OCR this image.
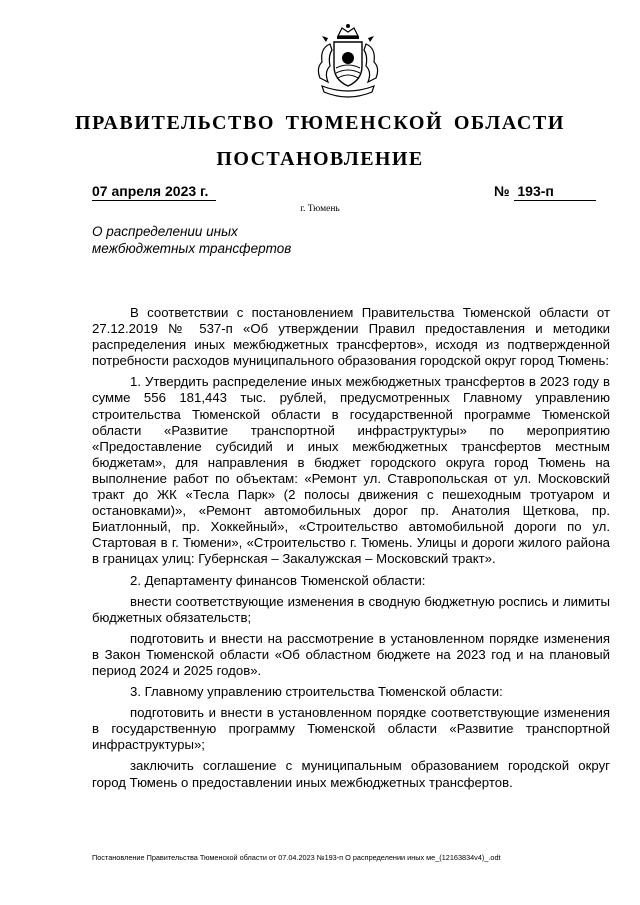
ПРАВИТЕЛЬСТВО ТЮМЕНСКОЙ ОБЛАСТИ
ПОСТАНОВЛЕНИЕ
07 апреля 2023 г.	№ 193-п
г. Тюмень
О распределении иных
межбюджетных трансфертов

В соответствии с постановлением Правительства Тюменской области от 27.12.2019 № 537-п «Об утверждении Правил предоставления и методики распределения иных межбюджетных трансфертов», исходя из подтвержденной потребности расходов муниципального образования городской округ город Тюмень:

1. Утвердить распределение иных межбюджетных трансфертов в 2023 году в сумме 556 181,443 тыс. рублей, предусмотренных Главному управлению строительства Тюменской области в государственной программе Тюменской области «Развитие транспортной инфраструктуры» по мероприятию «Предоставление субсидий и иных межбюджетных трансфертов местным бюджетам», для направления в бюджет городского округа город Тюмень на выполнение работ по объектам: «Ремонт ул. Ставропольская от ул. Московский тракт до ЖК «Тесла Парк» (2 полосы движения с пешеходным тротуаром и остановками)», «Ремонт автомобильных дорог пр. Анатолия Щеткова, пр. Биатлонный, пр. Хоккейный», «Строительство автомобильной дороги по ул. Стартовая в г. Тюмени», «Строительство г. Тюмень. Улицы и дороги жилого района в границах улиц: Губернская – Закалужская – Московский тракт».

2. Департаменту финансов Тюменской области:

внести соответствующие изменения в сводную бюджетную роспись и лимиты бюджетных обязательств;

подготовить и внести на рассмотрение в установленном порядке изменения в Закон Тюменской области «Об областном бюджете на 2023 год и на плановый период 2024 и 2025 годов».

3. Главному управлению строительства Тюменской области:

подготовить и внести в установленном порядке соответствующие изменения в государственную программу Тюменской области «Развитие транспортной инфраструктуры»;

заключить соглашение с муниципальным образованием городской округ город Тюмень о предоставлении иных межбюджетных трансфертов.

Постановление Правительства Тюменской области от 07.04.2023 №193-п О распределении иных ме_(12163834v4)_.odt
